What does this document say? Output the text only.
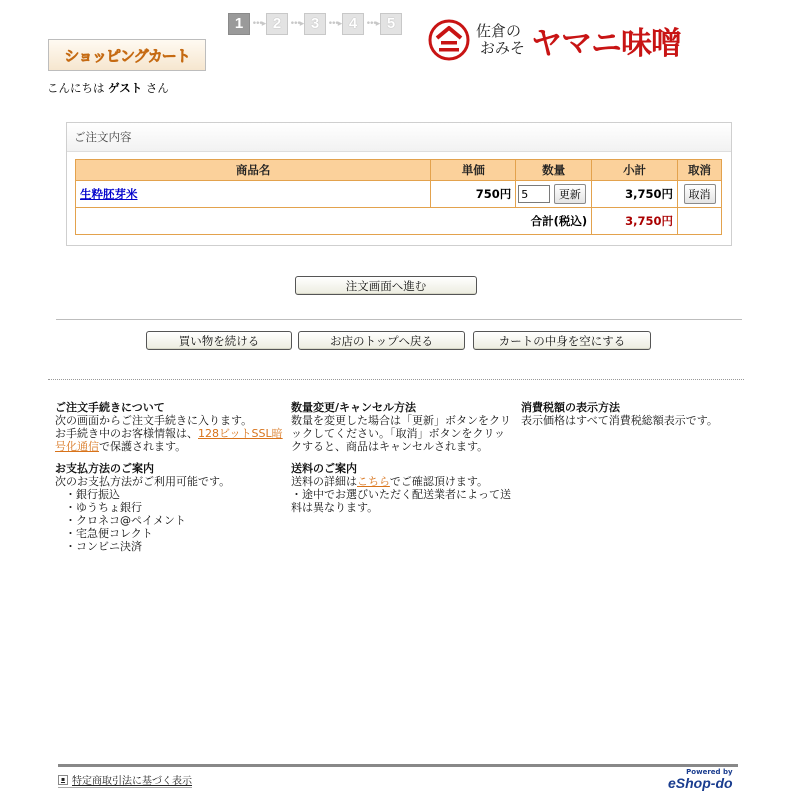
1 •••▸ 2 •••▸ 3 •••▸ 4 •••▸ 5
ショッピングカート
佐倉の
おみそ ヤマニ味噌
こんにちは ゲスト さん
ご注文内容
商品名	単価	数量	小計	取消
生粋胚芽米	750円	5更新	3,750円	取消
合計(税込)			3,750円	
注文画面へ進む
買い物を続ける	お店のトップへ戻る	カートの中身を空にする
ご注文手続きについて

次の画面からご注文手続きに入ります。
お手続き中のお客様情報は、128ビットSSL暗号化通信で保護されます。

お支払方法のご案内

次のお支払方法がご利用可能です。

・銀行振込
・ゆうちょ銀行
・クロネコ@ペイメント
・宅急便コレクト
・コンビニ決済
数量変更/キャンセル方法

数量を変更した場合は「更新」ボタンをクリックしてください。「取消」ボタンをクリックすると、商品はキャンセルされます。

送料のご案内

送料の詳細はこちらでご確認頂けます。
・途中でお選びいただく配送業者によって送料は異なります。

消費税額の表示方法

表示価格はすべて消費税総額表示です。

▪ 特定商取引法に基づく表示
Powered by
eShop-do
